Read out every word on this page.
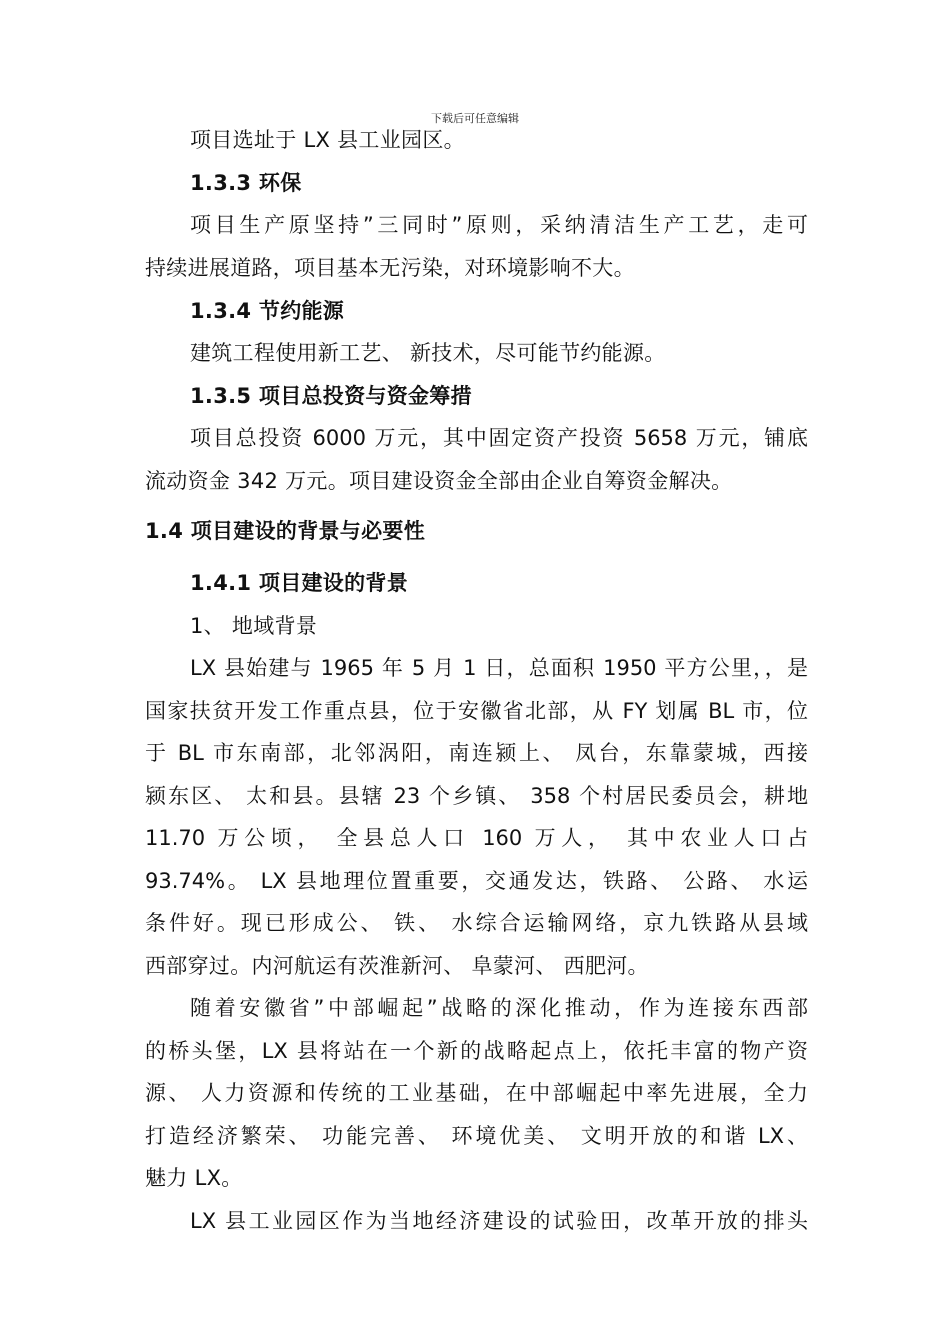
下载后可任意编辑
项目选址于 LX 县工业园区。
1.3.3 环保
项目生产原坚持”三同时”原则，采纳清洁生产工艺，走可
持续进展道路，项目基本无污染，对环境影响不大。
1.3.4 节约能源
建筑工程使用新工艺、 新技术，尽可能节约能源。
1.3.5 项目总投资与资金筹措
项目总投资 6000 万元，其中固定资产投资 5658 万元，铺底
流动资金 342 万元。项目建设资金全部由企业自筹资金解决。
1.4 项目建设的背景与必要性
1.4.1 项目建设的背景
1、 地域背景
LX 县始建与 1965 年 5 月 1 日，总面积 1950 平方公里，，是
国家扶贫开发工作重点县，位于安徽省北部，从 FY 划属 BL 市，位
于 BL 市东南部，北邻涡阳，南连颍上、 凤台，东靠蒙城，西接
颍东区、 太和县。县辖 23 个乡镇、 358 个村居民委员会，耕地
11.70 万公顷， 全县总人口 160 万人， 其中农业人口占
93.74%。 LX 县地理位置重要，交通发达，铁路、 公路、 水运
条件好。现已形成公、 铁、 水综合运输网络，京九铁路从县域
西部穿过。内河航运有茨淮新河、 阜蒙河、 西肥河。
随着安徽省”中部崛起”战略的深化推动，作为连接东西部
的桥头堡，LX 县将站在一个新的战略起点上，依托丰富的物产资
源、 人力资源和传统的工业基础，在中部崛起中率先进展，全力
打造经济繁荣、 功能完善、 环境优美、 文明开放的和谐 LX、
魅力 LX。
LX 县工业园区作为当地经济建设的试验田，改革开放的排头
